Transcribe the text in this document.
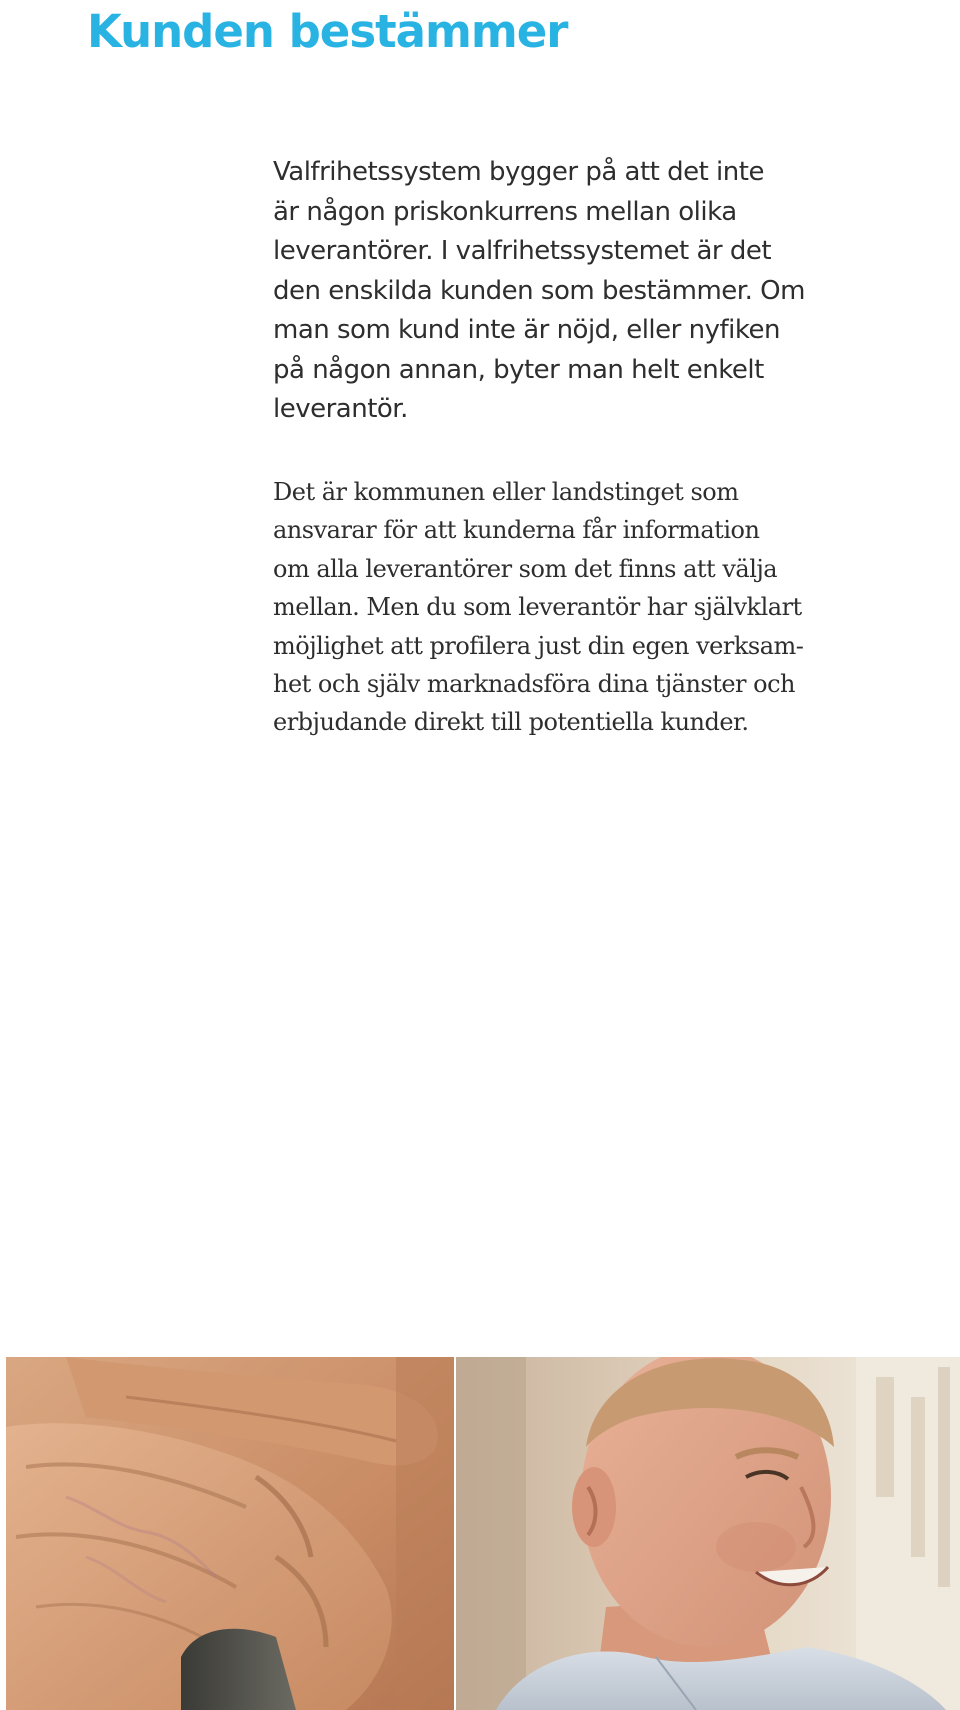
Kunden bestämmer

Valfrihetssystem bygger på att det inte
är någon priskonkurrens mellan olika
leverantörer. I valfrihetssystemet är det
den enskilda kunden som bestämmer. Om
man som kund inte är nöjd, eller nyfiken
på någon annan, byter man helt enkelt
leverantör.

Det är kommunen eller landstinget som
ansvarar för att kunderna får information
om alla leverantörer som det finns att välja
mellan. Men du som leverantör har självklart
möjlighet att profilera just din egen verksam-
het och själv marknadsföra dina tjänster och
erbjudande direkt till potentiella kunder.
